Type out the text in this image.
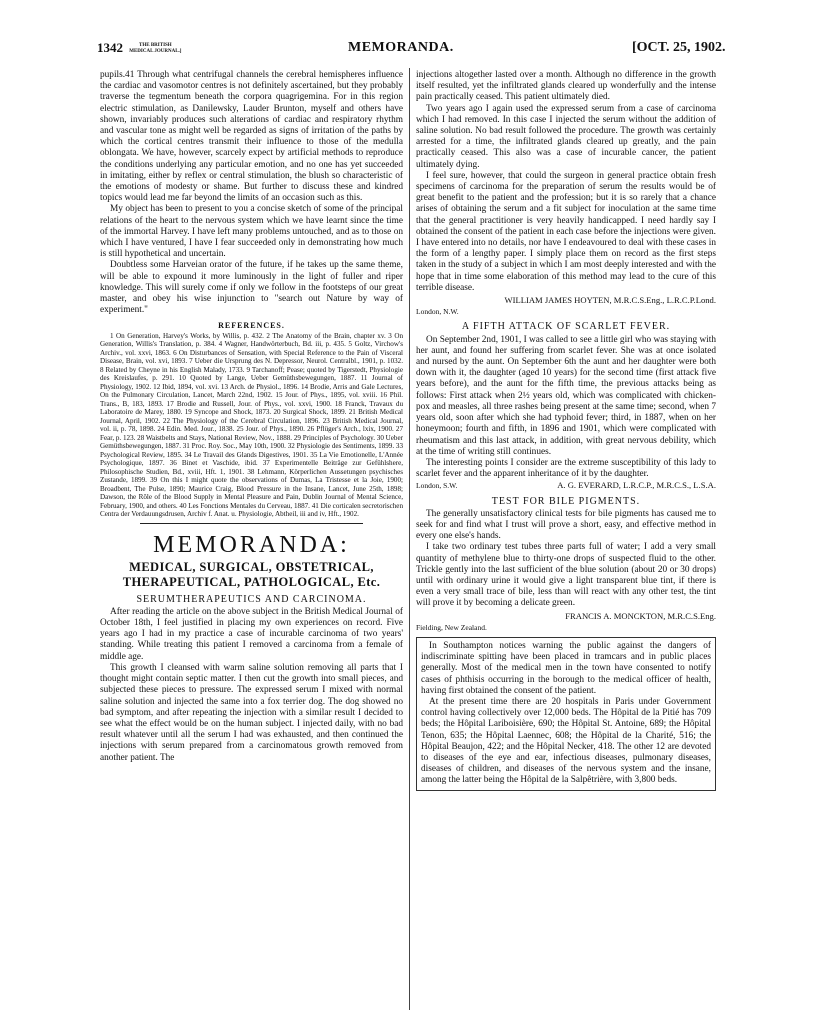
1342	THE BRITISH
MEDICAL JOURNAL.]	MEMORANDA.	[OCT. 25, 1902.

pupils.41 Through what centrifugal channels the cerebral hemispheres influence the cardiac and vasomotor centres is not definitely ascertained, but they probably traverse the tegmentum beneath the corpora quagrigemina. For in this region electric stimulation, as Danilewsky, Lauder Brunton, myself and others have shown, invariably produces such alterations of cardiac and respiratory rhythm and vascular tone as might well be regarded as signs of irritation of the paths by which the cortical centres transmit their influence to those of the medulla oblongata. We have, however, scarcely expect by artificial methods to reproduce the conditions underlying any particular emotion, and no one has yet succeeded in imitating, either by reflex or central stimulation, the blush so characteristic of the emotions of modesty or shame. But further to discuss these and kindred topics would lead me far beyond the limits of an occasion such as this.

My object has been to present to you a concise sketch of some of the principal relations of the heart to the nervous system which we have learnt since the time of the immortal Harvey. I have left many problems untouched, and as to those on which I have ventured, I have I fear succeeded only in demonstrating how much is still hypothetical and uncertain.

Doubtless some Harveian orator of the future, if he takes up the same theme, will be able to expound it more luminously in the light of fuller and riper knowledge. This will surely come if only we follow in the footsteps of our great master, and obey his wise injunction to "search out Nature by way of experiment."

REFERENCES.

1 On Generation, Harvey's Works, by Willis, p. 432. 2 The Anatomy of the Brain, chapter xv. 3 On Generation, Willis's Translation, p. 384. 4 Wagner, Handwörterbuch, Bd. iii, p. 435. 5 Goltz, Virchow's Archiv., vol. xxvi, 1863. 6 On Disturbances of Sensation, with Special Reference to the Pain of Visceral Disease, Brain, vol. xvi, 1893. 7 Ueber die Ursprung des N. Depressor, Neurol. Centralbl., 1901, p. 1032. 8 Related by Cheyne in his English Malady, 1733. 9 Tarchanoff; Pease; quoted by Tigerstedt, Physiologie des Kreislaufes, p. 291. 10 Quoted by Lange, Ueber Gemüthsbewegungen, 1887. 11 Journal of Physiology, 1902. 12 Ibid, 1894, vol. xvi. 13 Arch. de Physiol., 1896. 14 Brodie, Arris and Gale Lectures, On the Pulmonary Circulation, Lancet, March 22nd, 1902. 15 Jour. of Phys., 1895, vol. xviii. 16 Phil. Trans., B, 183, 1893. 17 Brodie and Russell, Jour. of Phys., vol. xxvi, 1900. 18 Franck, Travaux du Laboratoire de Marey, 1880. 19 Syncope and Shock, 1873. 20 Surgical Shock, 1899. 21 British Medical Journal, April, 1902. 22 The Physiology of the Cerebral Circulation, 1896. 23 British Medical Journal, vol. ii, p. 78, 1898. 24 Edin. Med. Jour., 1838. 25 Jour. of Phys., 1890. 26 Pflüger's Arch., lxix, 1900. 27 Fear, p. 123. 28 Waistbelts and Stays, National Review, Nov., 1888. 29 Principles of Psychology. 30 Ueber Gemüthsbewegungen, 1887. 31 Proc. Roy. Soc., May 10th, 1900. 32 Physiologie des Sentiments, 1899. 33 Psychological Review, 1895. 34 Le Travail des Glands Digestives, 1901. 35 La Vie Emotionelle, L'Année Psychologique, 1897. 36 Binet et Vaschide, ibid. 37 Experimentelle Beiträge zur Gefühlshere, Philosophische Studien, Bd., xviii, Hft. 1, 1901. 38 Lehmann, Körperlichen Aussetungen psychisches Zustande, 1899. 39 On this I might quote the observations of Dumas, La Tristesse et la Joie, 1900; Broadbent, The Pulse, 1890; Maurice Craig, Blood Pressure in the Insane, Lancet, June 25th, 1898; Dawson, the Rôle of the Blood Supply in Mental Pleasure and Pain, Dublin Journal of Mental Science, February, 1900, and others. 40 Les Fonctions Mentales du Cerveau, 1887. 41 Die corticalen secretorischen Centra der Verdauungsdrusen, Archiv f. Anat. u. Physiologie, Abtheil, iii and iv, Hft., 1902.

MEMORANDA:
MEDICAL, SURGICAL, OBSTETRICAL, THERAPEUTICAL, PATHOLOGICAL, Etc.
SERUMTHERAPEUTICS AND CARCINOMA.

After reading the article on the above subject in the British Medical Journal of October 18th, I feel justified in placing my own experiences on record. Five years ago I had in my practice a case of incurable carcinoma of two years' standing. While treating this patient I removed a carcinoma from a female of middle age.

This growth I cleansed with warm saline solution removing all parts that I thought might contain septic matter. I then cut the growth into small pieces, and subjected these pieces to pressure. The expressed serum I mixed with normal saline solution and injected the same into a fox terrier dog. The dog showed no bad symptom, and after repeating the injection with a similar result I decided to see what the effect would be on the human subject. I injected daily, with no bad result whatever until all the serum I had was exhausted, and then continued the injections with serum prepared from a carcinomatous growth removed from another patient. The

injections altogether lasted over a month. Although no difference in the growth itself resulted, yet the infiltrated glands cleared up wonderfully and the intense pain practically ceased. This patient ultimately died.

Two years ago I again used the expressed serum from a case of carcinoma which I had removed. In this case I injected the serum without the addition of saline solution. No bad result followed the procedure. The growth was certainly arrested for a time, the infiltrated glands cleared up greatly, and the pain practically ceased. This also was a case of incurable cancer, the patient ultimately dying.

I feel sure, however, that could the surgeon in general practice obtain fresh specimens of carcinoma for the preparation of serum the results would be of great benefit to the patient and the profession; but it is so rarely that a chance arises of obtaining the serum and a fit subject for inoculation at the same time that the general practitioner is very heavily handicapped. I need hardly say I obtained the consent of the patient in each case before the injections were given. I have entered into no details, nor have I endeavoured to deal with these cases in the form of a lengthy paper. I simply place them on record as the first steps taken in the study of a subject in which I am most deeply interested and with the hope that in time some elaboration of this method may lead to the cure of this terrible disease.

WILLIAM JAMES HOYTEN, M.R.C.S.Eng., L.R.C.P.Lond.
London, N.W.
A FIFTH ATTACK OF SCARLET FEVER.

On September 2nd, 1901, I was called to see a little girl who was staying with her aunt, and found her suffering from scarlet fever. She was at once isolated and nursed by the aunt. On September 6th the aunt and her daughter were both down with it, the daughter (aged 10 years) for the second time (first attack five years before), and the aunt for the fifth time, the previous attacks being as follows: First attack when 2½ years old, which was complicated with chicken-pox and measles, all three rashes being present at the same time; second, when 7 years old, soon after which she had typhoid fever; third, in 1887, when on her honeymoon; fourth and fifth, in 1896 and 1901, which were complicated with rheumatism and this last attack, in addition, with great nervous debility, which at the time of writing still continues.

The interesting points I consider are the extreme susceptibility of this lady to scarlet fever and the apparent inheritance of it by the daughter.

London, S.W.	A. G. EVERARD, L.R.C.P., M.R.C.S., L.S.A.
TEST FOR BILE PIGMENTS.

The generally unsatisfactory clinical tests for bile pigments has caused me to seek for and find what I trust will prove a short, easy, and effective method in every one else's hands.

I take two ordinary test tubes three parts full of water; I add a very small quantity of methylene blue to thirty-one drops of suspected fluid to the other. Trickle gently into the last sufficient of the blue solution (about 20 or 30 drops) until with ordinary urine it would give a light transparent blue tint, if there is even a very small trace of bile, less than will react with any other test, the tint will prove it by becoming a delicate green.

FRANCIS A. MONCKTON, M.R.C.S.Eng.
Fielding, New Zealand.

In Southampton notices warning the public against the dangers of indiscriminate spitting have been placed in tramcars and in public places generally. Most of the medical men in the town have consented to notify cases of phthisis occurring in the borough to the medical officer of health, having first obtained the consent of the patient.

At the present time there are 20 hospitals in Paris under Government control having collectively over 12,000 beds. The Hôpital de la Pitié has 709 beds; the Hôpital Lariboisière, 690; the Hôpital St. Antoine, 689; the Hôpital Tenon, 635; the Hôpital Laennec, 608; the Hôpital de la Charité, 516; the Hôpital Beaujon, 422; and the Hôpital Necker, 418. The other 12 are devoted to diseases of the eye and ear, infectious diseases, pulmonary diseases, diseases of children, and diseases of the nervous system and the insane, among the latter being the Hôpital de la Salpêtrière, with 3,800 beds.
